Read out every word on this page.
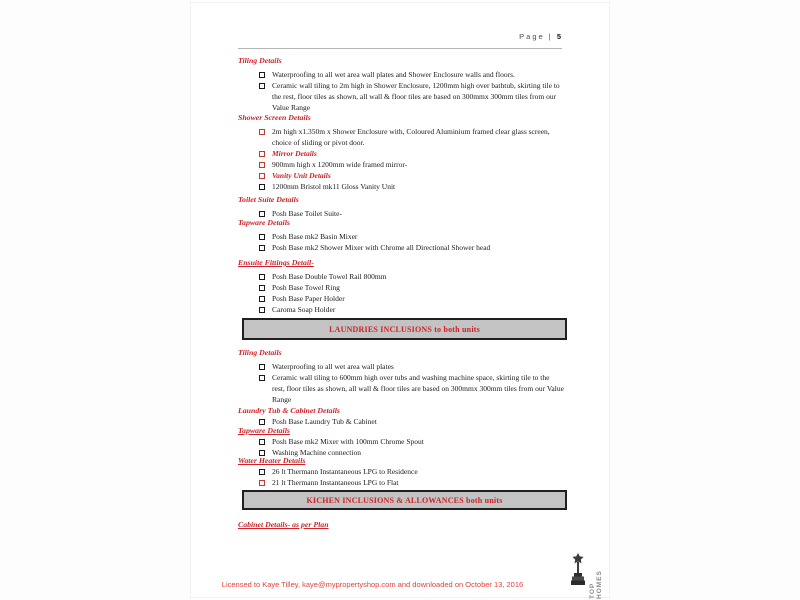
Page | 5
Tiling Details
Waterproofing to all wet area wall plates and Shower Enclosure walls and floors.
Ceramic wall tiling to 2m high in Shower Enclosure, 1200mm high over bathtub, skirting tile to the rest, floor tiles as shown, all wall & floor tiles are based on 300mmx 300mm tiles from our Value Range
Shower Screen Details
2m high x1.350m x Shower Enclosure with, Coloured Aluminium framed clear glass screen, choice of sliding or pivot door.
Mirror Details
900mm high x 1200mm wide framed mirror-
Vanity Unit Details
1200mm Bristol mk11 Gloss Vanity Unit
Toilet Suite Details
Posh Base Toilet Suite-
Tapware Details
Posh Base mk2 Basin Mixer
Posh Base mk2 Shower Mixer with Chrome all Directional Shower head
Ensuite Fittings Detail-
Posh Base Double Towel Rail 800mm
Posh Base Towel Ring
Posh Base Paper Holder
Caroma Soap Holder
LAUNDRIES INCLUSIONS to both units
Tiling Details
Waterproofing to all wet area wall plates
Ceramic wall tiling to 600mm high over tubs and washing machine space, skirting tile to the rest, floor tiles as shown, all wall & floor tiles are based on 300mmx 300mm tiles from our Value Range
Laundry Tub & Cabinet Details
Posh Base Laundry Tub & Cabinet
Tapware Details
Posh Base mk2 Mixer with 100mm Chrome Spout
Washing Machine connection
Water Heater Details
26 lt Thermann Instantaneous LPG to Residence
21 lt Thermann Instantaneous LPG to Flat
KICHEN INCLUSIONS & ALLOWANCES both units
Cabinet Details- as per Plan
Licensed to Kaye Tilley, kaye@mypropertyshop.com and downloaded on October 13, 2016	TOP HOMES
